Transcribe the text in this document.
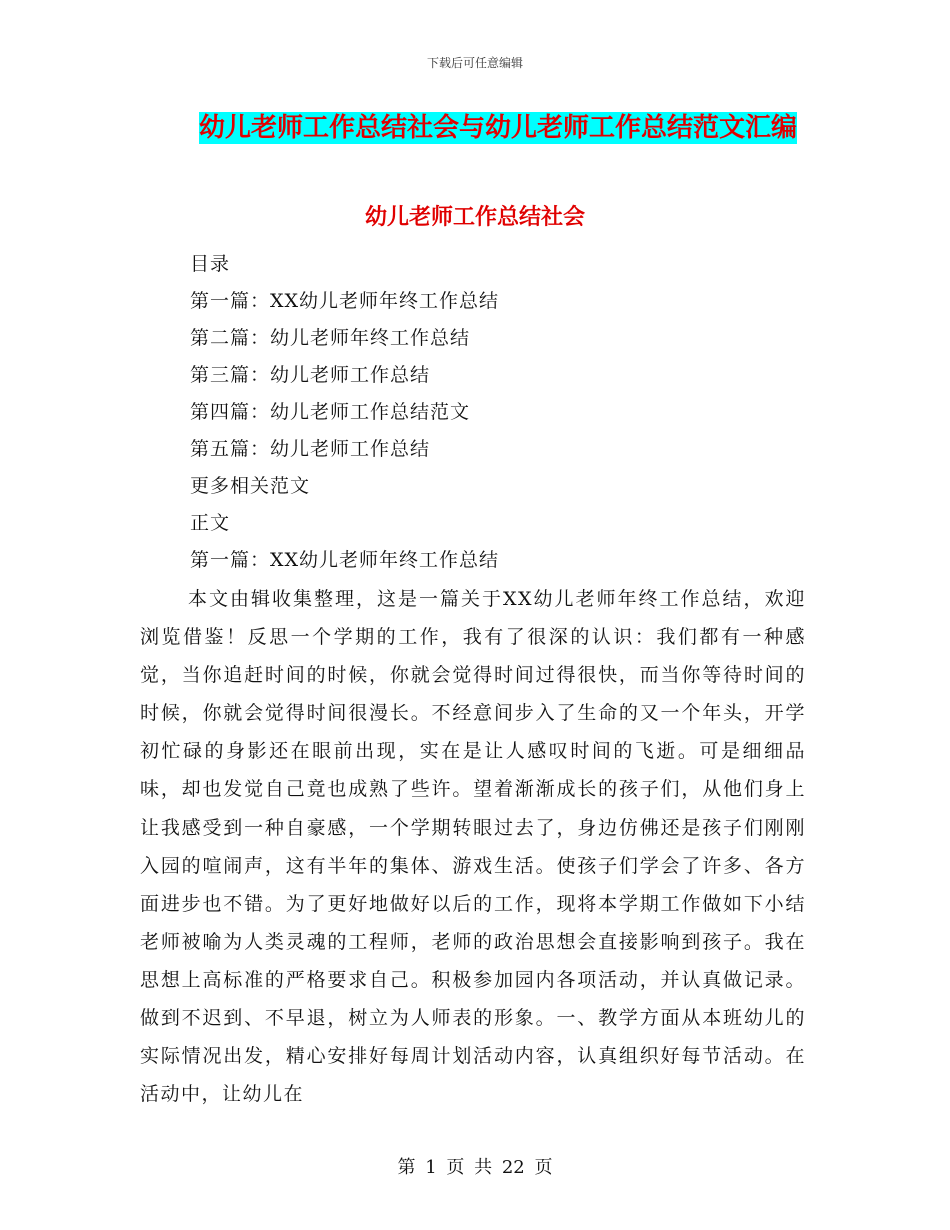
下载后可任意编辑
幼儿老师工作总结社会与幼儿老师工作总结范文汇编
幼儿老师工作总结社会
目录
第一篇：XX幼儿老师年终工作总结
第二篇：幼儿老师年终工作总结
第三篇：幼儿老师工作总结
第四篇：幼儿老师工作总结范文
第五篇：幼儿老师工作总结
更多相关范文
正文
第一篇：XX幼儿老师年终工作总结

本文由辑收集整理，这是一篇关于XX幼儿老师年终工作总结，欢迎浏览借鉴！反思一个学期的工作，我有了很深的认识：我们都有一种感觉，当你追赶时间的时候，你就会觉得时间过得很快，而当你等待时间的时候，你就会觉得时间很漫长。不经意间步入了生命的又一个年头，开学初忙碌的身影还在眼前出现，实在是让人感叹时间的飞逝。可是细细品味，却也发觉自己竟也成熟了些许。望着渐渐成长的孩子们，从他们身上让我感受到一种自豪感，一个学期转眼过去了，身边仿佛还是孩子们刚刚入园的喧闹声，这有半年的集体、游戏生活。使孩子们学会了许多、各方面进步也不错。为了更好地做好以后的工作，现将本学期工作做如下小结老师被喻为人类灵魂的工程师，老师的政治思想会直接影响到孩子。我在思想上高标准的严格要求自己。积极参加园内各项活动，并认真做记录。做到不迟到、不早退，树立为人师表的形象。一、教学方面从本班幼儿的实际情况出发，精心安排好每周计划活动内容，认真组织好每节活动。在活动中，让幼儿在

第 1 页 共 22 页
